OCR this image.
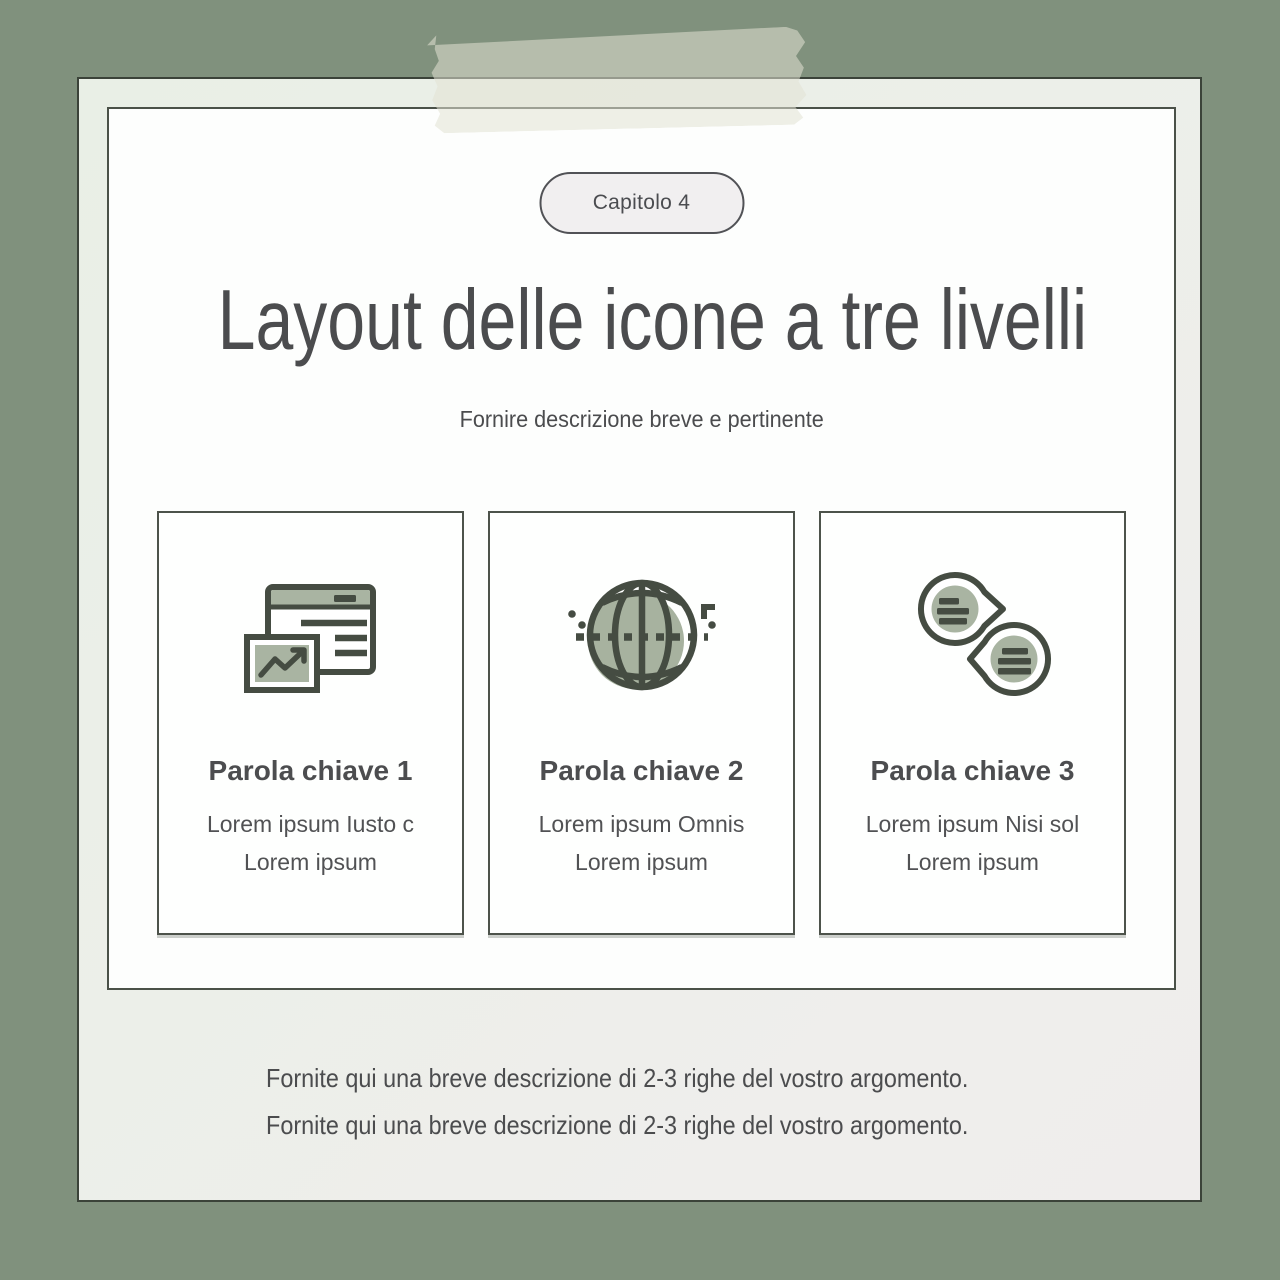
Capitolo 4
Layout delle icone a tre livelli

Fornire descrizione breve e pertinente

Parola chiave 1

Lorem ipsum Iusto c
Lorem ipsum

Parola chiave 2

Lorem ipsum Omnis
Lorem ipsum

Parola chiave 3

Lorem ipsum Nisi sol
Lorem ipsum

Fornite qui una breve descrizione di 2-3 righe del vostro argomento.

Fornite qui una breve descrizione di 2-3 righe del vostro argomento.
